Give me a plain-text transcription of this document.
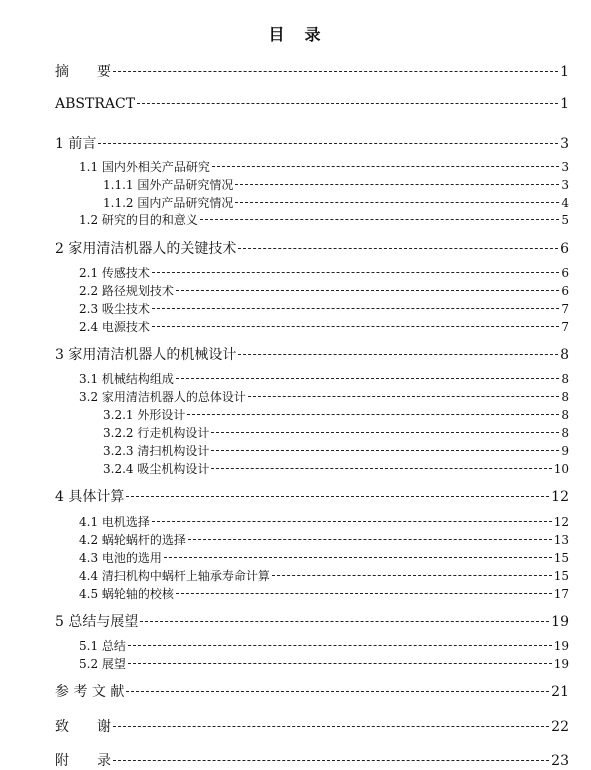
目　录
摘　　要	1
ABSTRACT	1
1 前言	3
1.1 国内外相关产品研究	3
1.1.1 国外产品研究情况	3
1.1.2 国内产品研究情况	4
1.2 研究的目的和意义	5
2 家用清洁机器人的关键技术	6
2.1 传感技术	6
2.2 路径规划技术	6
2.3 吸尘技术	7
2.4 电源技术	7
3 家用清洁机器人的机械设计	8
3.1 机械结构组成	8
3.2 家用清洁机器人的总体设计	8
3.2.1 外形设计	8
3.2.2 行走机构设计	8
3.2.3 清扫机构设计	9
3.2.4 吸尘机构设计	10
4 具体计算	12
4.1 电机选择	12
4.2 蜗轮蜗杆的选择	13
4.3 电池的选用	15
4.4 清扫机构中蜗杆上轴承寿命计算	15
4.5 蜗轮轴的校核	17
5 总结与展望	19
5.1 总结	19
5.2 展望	19
参 考 文 献	21
致　　谢	22
附　　录	23
